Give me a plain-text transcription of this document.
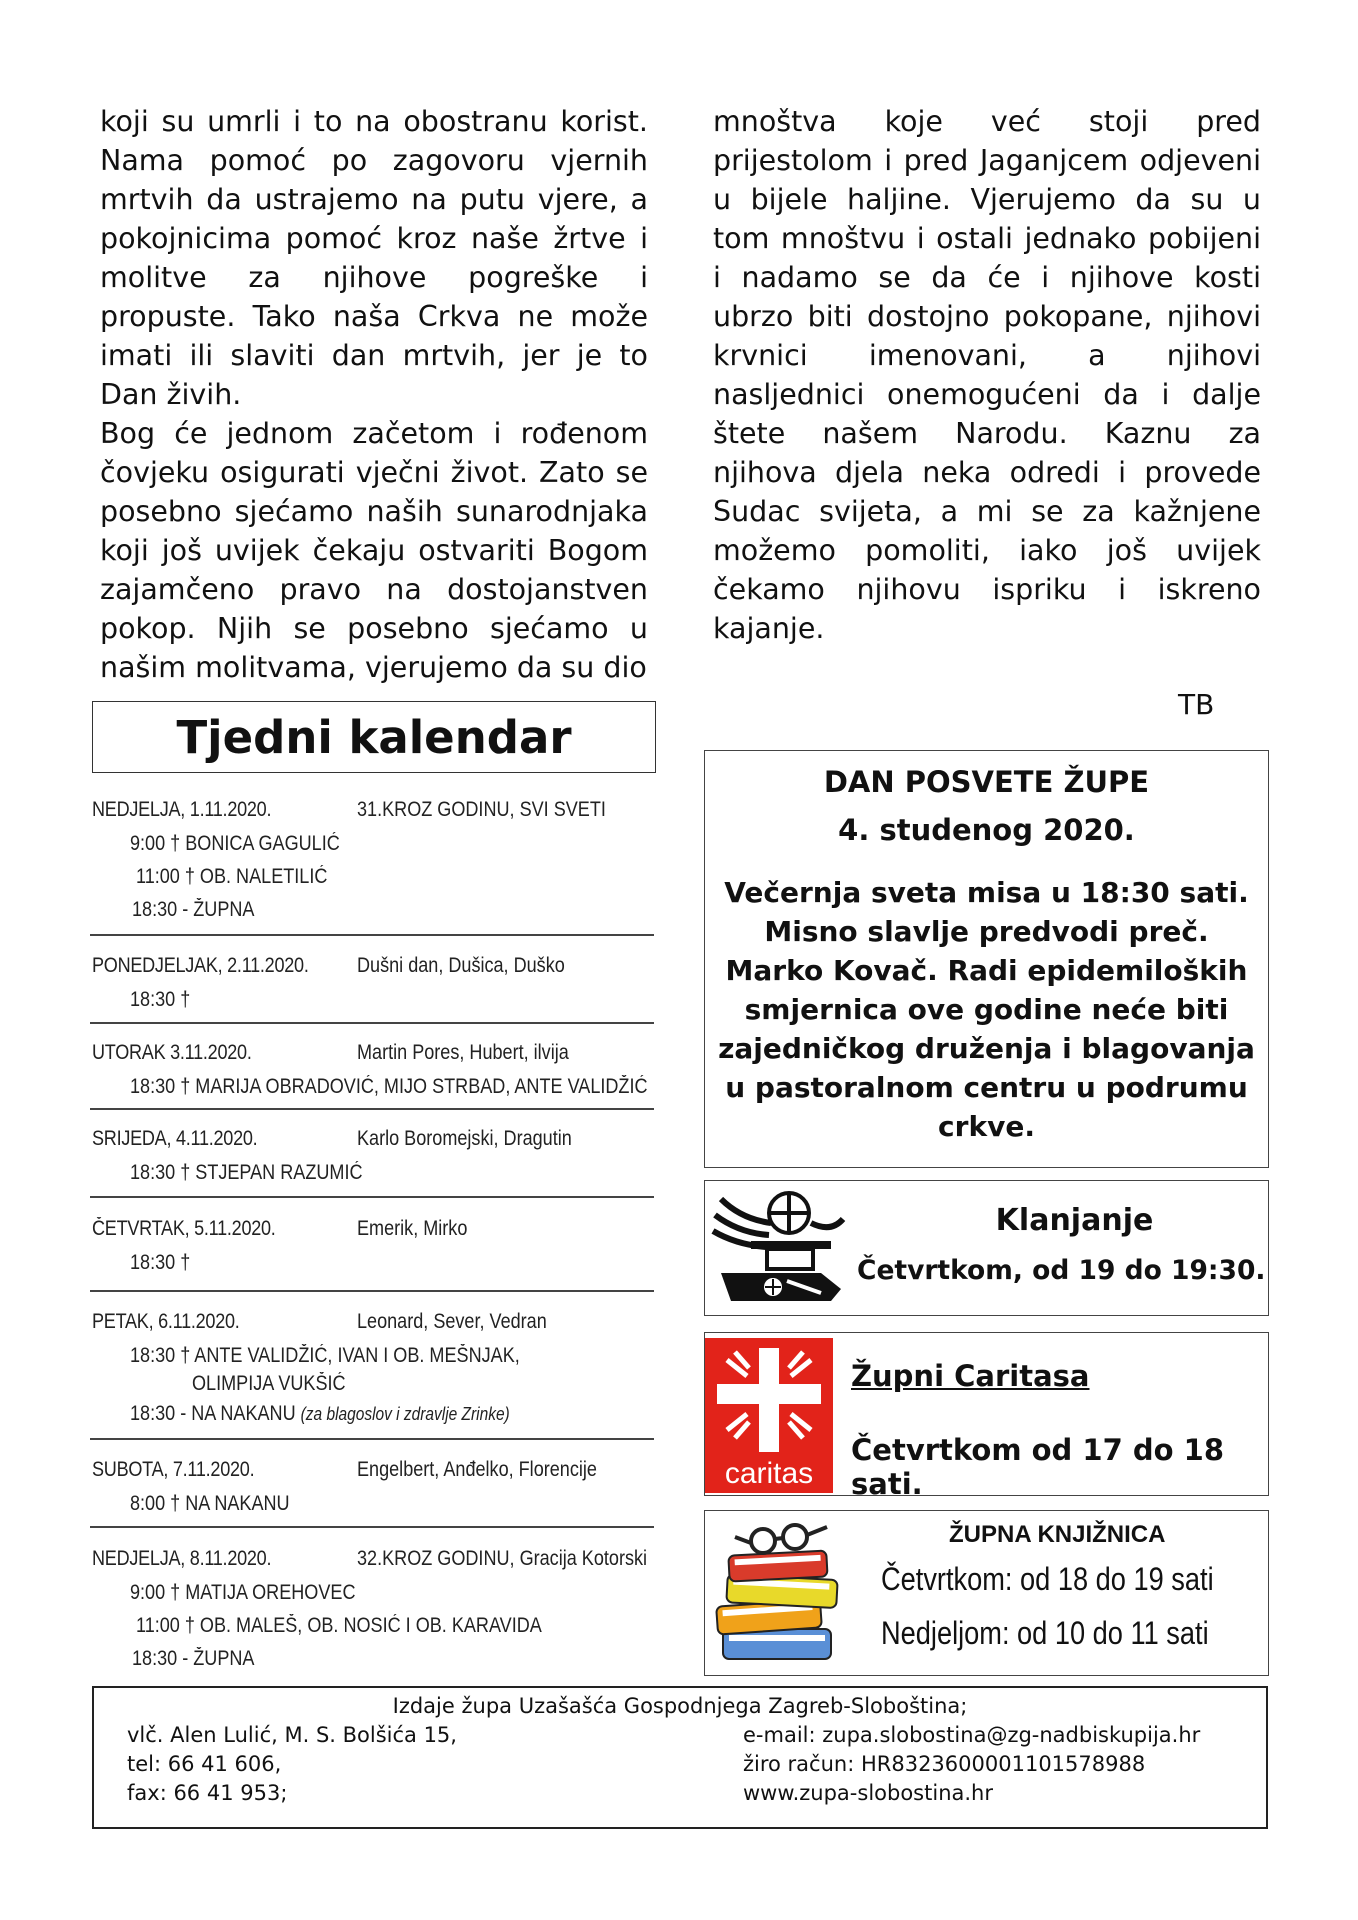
koji su umrli i to na obostranu korist. Nama pomoć po zagovoru vjernih mrtvih da ustrajemo na putu vjere, a pokojnicima pomoć kroz naše žrtve i molitve za njihove pogreške i propuste. Tako naša Crkva ne može imati ili slaviti dan mrtvih, jer je to Dan živih.

Bog će jednom začetom i rođenom čovjeku osigurati vječni život. Zato se posebno sjećamo naših sunarodnjaka koji još uvijek čekaju ostvariti Bogom zajamčeno pravo na dostojanstven pokop. Njih se posebno sjećamo u našim molitvama, vjerujemo da su dio

mnoštva koje već stoji pred prijestolom i pred Jaganjcem odjeveni u bijele haljine. Vjerujemo da su u tom mnoštvu i ostali jednako pobijeni i nadamo se da će i njihove kosti ubrzo biti dostojno pokopane, njihovi krvnici imenovani, a njihovi nasljednici onemogućeni da i dalje štete našem Narodu. Kaznu za njihova djela neka odredi i provede Sudac svijeta, a mi se za kažnjene možemo pomoliti, iako još uvijek čekamo njihovu ispriku i iskreno kajanje.

TB
Tjedni kalendar
NEDJELJA, 1.11.2020.	31.KROZ GODINU, SVI SVETI
9:00 † BONICA GAGULIĆ
11:00 † OB. NALETILIĆ
18:30 - ŽUPNA
PONEDJELJAK, 2.11.2020. Dušni dan, Dušica, Duško
18:30 †
UTORAK 3.11.2020.	Martin Pores, Hubert, ilvija
18:30 † MARIJA OBRADOVIĆ, MIJO STRBAD, ANTE VALIDŽIĆ
SRIJEDA, 4.11.2020.	Karlo Boromejski, Dragutin
18:30 † STJEPAN RAZUMIĆ
ČETVRTAK, 5.11.2020.	Emerik, Mirko
18:30 †
PETAK, 6.11.2020.	Leonard, Sever, Vedran
18:30 † ANTE VALIDŽIĆ, IVAN I OB. MEŠNJAK,
OLIMPIJA VUKŠIĆ
18:30 - NA NAKANU (za blagoslov i zdravlje Zrinke)
SUBOTA, 7.11.2020.	Engelbert, Anđelko, Florencije
8:00 † NA NAKANU
NEDJELJA, 8.11.2020.	32.KROZ GODINU, Gracija Kotorski
9:00 † MATIJA OREHOVEC
11:00 † OB. MALEŠ, OB. NOSIĆ I OB. KARAVIDA
18:30 - ŽUPNA
DAN POSVETE ŽUPE
4. studenog 2020.
Večernja sveta misa u 18:30 sati. Misno slavlje predvodi preč. Marko Kovač. Radi epidemiloških smjernica ove godine neće biti zajedničkog druženja i blagovanja u pastoralnom centru u podrumu crkve.
Klanjanje
Četvrtkom, od 19 do 19:30.
caritas
Župni Caritasa
Četvrtkom od 17 do 18 sati.
ŽUPNA KNJIŽNICA
Četvrtkom: od 18 do 19 sati
Nedjeljom: od 10 do 11 sati
Izdaje župa Uzašašća Gospodnjega Zagreb-Sloboština;
vlč. Alen Lulić, M. S. Bolšića 15,
tel: 66 41 606,
fax: 66 41 953;
e-mail: zupa.slobostina@zg-nadbiskupija.hr
žiro račun: HR8323600001101578988
www.zupa-slobostina.hr
